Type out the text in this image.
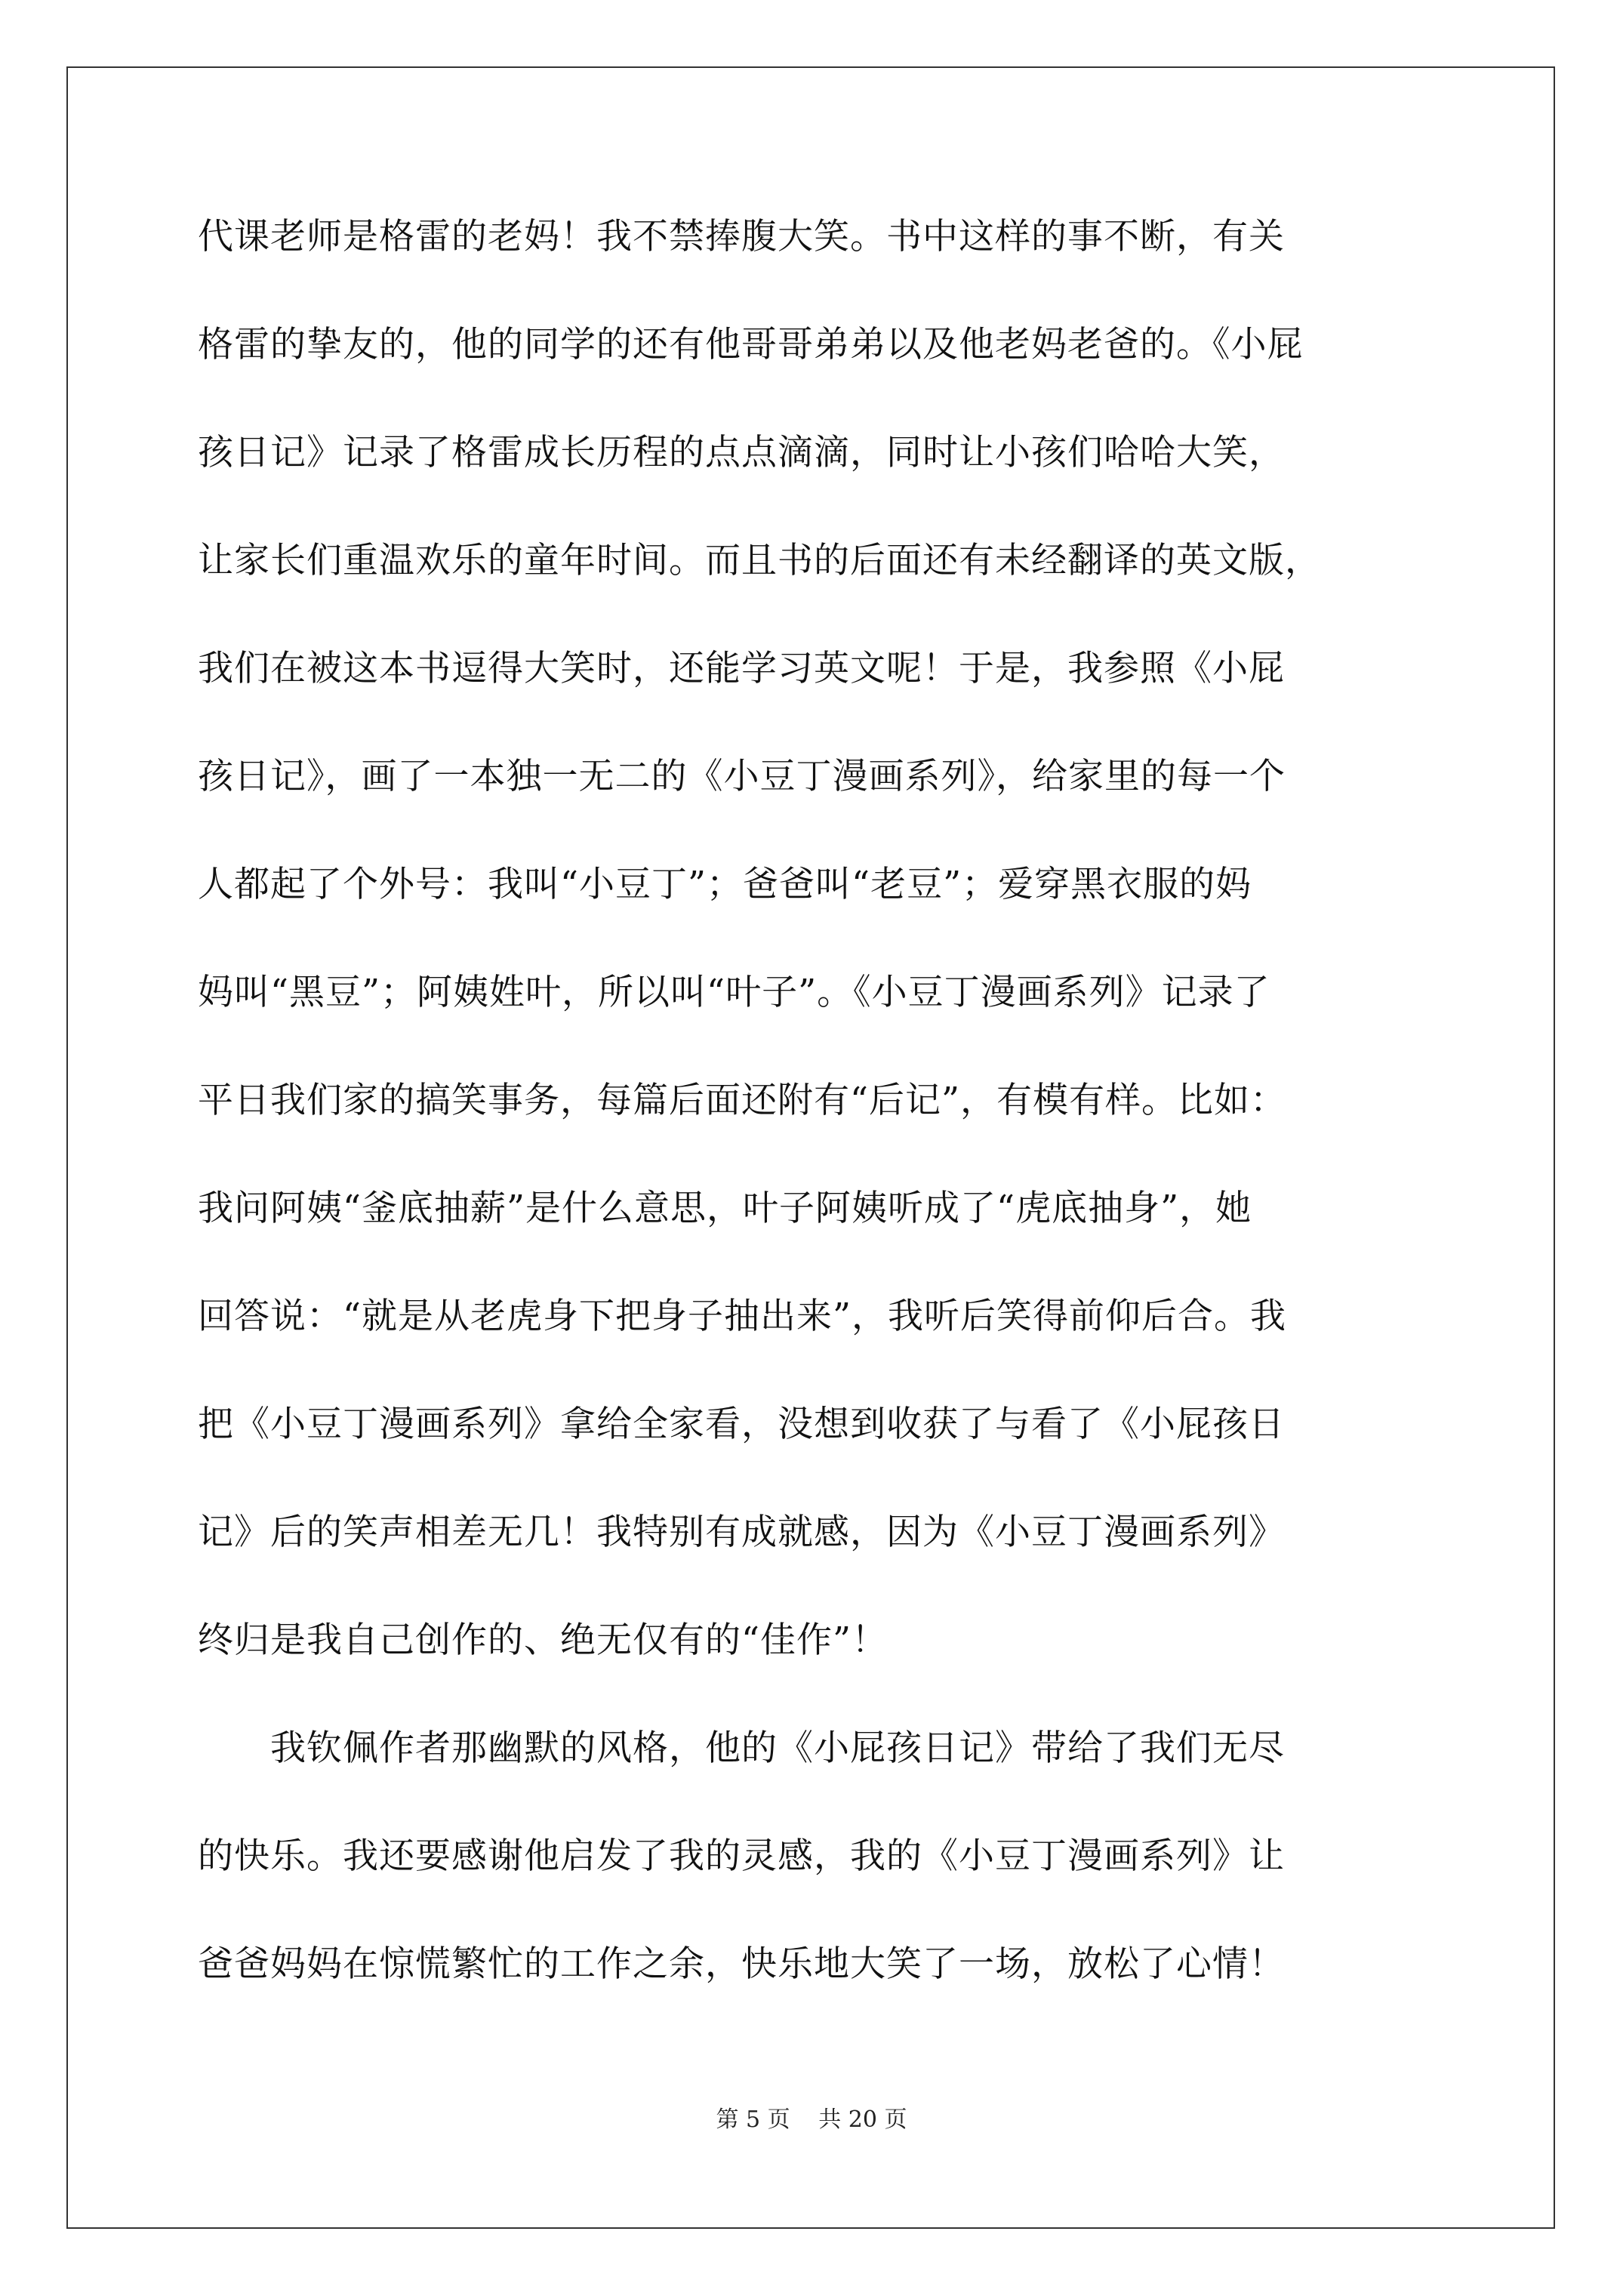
代课老师是格雷的老妈！我不禁捧腹大笑。书中这样的事不断，有关
格雷的挚友的，他的同学的还有他哥哥弟弟以及他老妈老爸的。《小屁
孩日记》记录了格雷成长历程的点点滴滴，同时让小孩们哈哈大笑，
让家长们重温欢乐的童年时间。而且书的后面还有未经翻译的英文版，
我们在被这本书逗得大笑时，还能学习英文呢！于是，我参照《小屁
孩日记》，画了一本独一无二的《小豆丁漫画系列》，给家里的每一个
人都起了个外号：我叫“小豆丁”；爸爸叫“老豆”；爱穿黑衣服的妈
妈叫“黑豆”；阿姨姓叶，所以叫“叶子”。《小豆丁漫画系列》记录了
平日我们家的搞笑事务，每篇后面还附有“后记”，有模有样。比如：
我问阿姨“釜底抽薪”是什么意思，叶子阿姨听成了“虎底抽身”，她
回答说：“就是从老虎身下把身子抽出来”，我听后笑得前仰后合。我
把《小豆丁漫画系列》拿给全家看，没想到收获了与看了《小屁孩日
记》后的笑声相差无几！我特别有成就感，因为《小豆丁漫画系列》
终归是我自己创作的、绝无仅有的“佳作”！
　　我钦佩作者那幽默的风格，他的《小屁孩日记》带给了我们无尽
的快乐。我还要感谢他启发了我的灵感，我的《小豆丁漫画系列》让
爸爸妈妈在惊慌繁忙的工作之余，快乐地大笑了一场，放松了心情！
第 5 页 共 20 页
